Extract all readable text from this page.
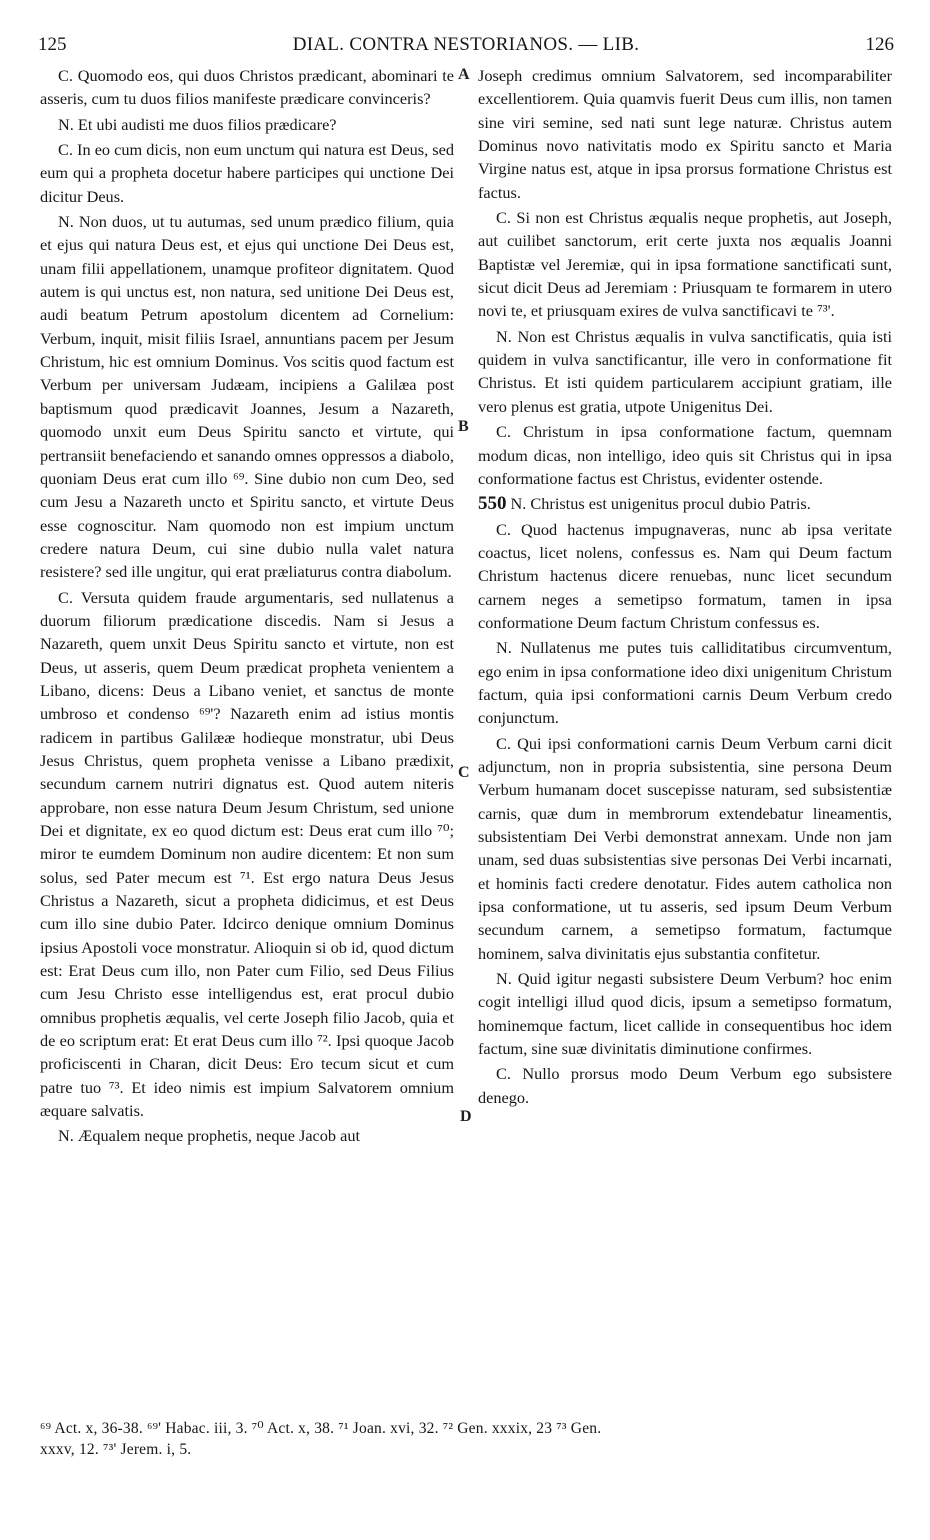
125	DIAL. CONTRA NESTORIANOS. — LIB.	126

C. Quomodo eos, qui duos Christos prædicant, abominari te asseris, cum tu duos filios manifeste prædicare convinceris?

N. Et ubi audisti me duos filios prædicare?

C. In eo cum dicis, non eum unctum qui natura est Deus, sed eum qui a propheta docetur habere participes qui unctione Dei dicitur Deus.

N. Non duos, ut tu autumas, sed unum prædico filium, quia et ejus qui natura Deus est, et ejus qui unctione Dei Deus est, unam filii appellationem, unamque profiteor dignitatem. Quod autem is qui unctus est, non natura, sed unitione Dei Deus est, audi beatum Petrum apostolum dicentem ad Cornelium: Verbum, inquit, misit filiis Israel, annuntians pacem per Jesum Christum, hic est omnium Dominus. Vos scitis quod factum est Verbum per universam Judæam, incipiens a Galilæa post baptismum quod prædicavit Joannes, Jesum a Nazareth, quomodo unxit eum Deus Spiritu sancto et virtute, qui pertransiit benefaciendo et sanando omnes oppressos a diabolo, quoniam Deus erat cum illo ⁶⁹. Sine dubio non cum Deo, sed cum Jesu a Nazareth uncto et Spiritu sancto, et virtute Deus esse cognoscitur. Nam quomodo non est impium unctum credere natura Deum, cui sine dubio nulla valet natura resistere? sed ille ungitur, qui erat præliaturus contra diabolum.

C. Versuta quidem fraude argumentaris, sed nullatenus a duorum filiorum prædicatione discedis. Nam si Jesus a Nazareth, quem unxit Deus Spiritu sancto et virtute, non est Deus, ut asseris, quem Deum prædicat propheta venientem a Libano, dicens: Deus a Libano veniet, et sanctus de monte umbroso et condenso ⁶⁹'? Nazareth enim ad istius montis radicem in partibus Galilææ hodieque monstratur, ubi Deus Jesus Christus, quem propheta venisse a Libano prædixit, secundum carnem nutriri dignatus est. Quod autem niteris approbare, non esse natura Deum Jesum Christum, sed unione Dei et dignitate, ex eo quod dictum est: Deus erat cum illo ⁷⁰; miror te eumdem Dominum non audire dicentem: Et non sum solus, sed Pater mecum est ⁷¹. Est ergo natura Deus Jesus Christus a Nazareth, sicut a propheta didicimus, et est Deus cum illo sine dubio Pater. Idcirco denique omnium Dominus ipsius Apostoli voce monstratur. Alioquin si ob id, quod dictum est: Erat Deus cum illo, non Pater cum Filio, sed Deus Filius cum Jesu Christo esse intelligendus est, erat procul dubio omnibus prophetis æqualis, vel certe Joseph filio Jacob, quia et de eo scriptum erat: Et erat Deus cum illo ⁷². Ipsi quoque Jacob proficiscenti in Charan, dicit Deus: Ero tecum sicut et cum patre tuo ⁷³. Et ideo nimis est impium Salvatorem omnium æquare salvatis.

N. Æqualem neque prophetis, neque Jacob aut

A
B
C
D

Joseph credimus omnium Salvatorem, sed incomparabiliter excellentiorem. Quia quamvis fuerit Deus cum illis, non tamen sine viri semine, sed nati sunt lege naturæ. Christus autem Dominus novo nativitatis modo ex Spiritu sancto et Maria Virgine natus est, atque in ipsa prorsus formatione Christus est factus.

C. Si non est Christus æqualis neque prophetis, aut Joseph, aut cuilibet sanctorum, erit certe juxta nos æqualis Joanni Baptistæ vel Jeremiæ, qui in ipsa formatione sanctificati sunt, sicut dicit Deus ad Jeremiam : Priusquam te formarem in utero novi te, et priusquam exires de vulva sanctificavi te ⁷³'.

N. Non est Christus æqualis in vulva sanctificatis, quia isti quidem in vulva sanctificantur, ille vero in conformatione fit Christus. Et isti quidem particularem accipiunt gratiam, ille vero plenus est gratia, utpote Unigenitus Dei.

C. Christum in ipsa conformatione factum, quemnam modum dicas, non intelligo, ideo quis sit Christus qui in ipsa conformatione factus est Christus, evidenter ostende.

550 N. Christus est unigenitus procul dubio Patris.

C. Quod hactenus impugnaveras, nunc ab ipsa veritate coactus, licet nolens, confessus es. Nam qui Deum factum Christum hactenus dicere renuebas, nunc licet secundum carnem neges a semetipso formatum, tamen in ipsa conformatione Deum factum Christum confessus es.

N. Nullatenus me putes tuis calliditatibus circumventum, ego enim in ipsa conformatione ideo dixi unigenitum Christum factum, quia ipsi conformationi carnis Deum Verbum credo conjunctum.

C. Qui ipsi conformationi carnis Deum Verbum carni dicit adjunctum, non in propria subsistentia, sine persona Deum Verbum humanam docet suscepisse naturam, sed subsistentiæ carnis, quæ dum in membrorum extendebatur lineamentis, subsistentiam Dei Verbi demonstrat annexam. Unde non jam unam, sed duas subsistentias sive personas Dei Verbi incarnati, et hominis facti credere denotatur. Fides autem catholica non ipsa conformatione, ut tu asseris, sed ipsum Deum Verbum secundum carnem, a semetipso formatum, factumque hominem, salva divinitatis ejus substantia confitetur.

N. Quid igitur negasti subsistere Deum Verbum? hoc enim cogit intelligi illud quod dicis, ipsum a semetipso formatum, hominemque factum, licet callide in consequentibus hoc idem factum, sine suæ divinitatis diminutione confirmes.

C. Nullo prorsus modo Deum Verbum ego subsistere denego.

⁶⁹ Act. x, 36-38. ⁶⁹' Habac. iii, 3. ⁷⁰ Act. x, 38. ⁷¹ Joan. xvi, 32. ⁷² Gen. xxxix, 23 ⁷³ Gen.
xxxv, 12. ⁷³' Jerem. i, 5.
